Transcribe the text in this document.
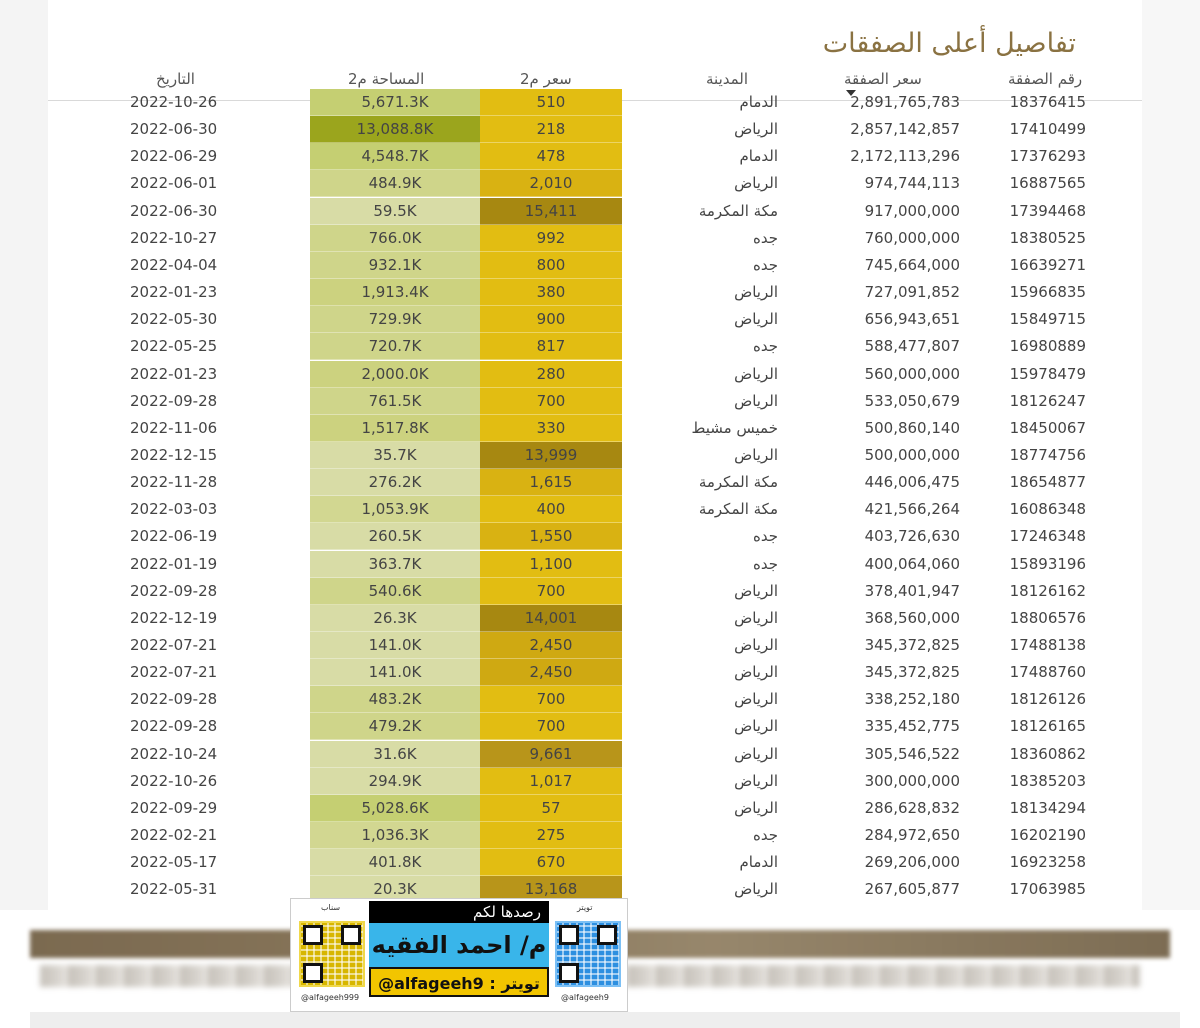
تفاصيل أعلى الصفقات
رقم الصفقة
سعر الصفقة
المدينة
سعر م2
المساحة م2
التاريخ
18376415
2,891,765,783
الدمام
510
5,671.3K
2022-10-26
17410499
2,857,142,857
الرياض
218
13,088.8K
2022-06-30
17376293
2,172,113,296
الدمام
478
4,548.7K
2022-06-29
16887565
974,744,113
الرياض
2,010
484.9K
2022-06-01
17394468
917,000,000
مكة المكرمة
15,411
59.5K
2022-06-30
18380525
760,000,000
جده
992
766.0K
2022-10-27
16639271
745,664,000
جده
800
932.1K
2022-04-04
15966835
727,091,852
الرياض
380
1,913.4K
2022-01-23
15849715
656,943,651
الرياض
900
729.9K
2022-05-30
16980889
588,477,807
جده
817
720.7K
2022-05-25
15978479
560,000,000
الرياض
280
2,000.0K
2022-01-23
18126247
533,050,679
الرياض
700
761.5K
2022-09-28
18450067
500,860,140
خميس مشيط
330
1,517.8K
2022-11-06
18774756
500,000,000
الرياض
13,999
35.7K
2022-12-15
18654877
446,006,475
مكة المكرمة
1,615
276.2K
2022-11-28
16086348
421,566,264
مكة المكرمة
400
1,053.9K
2022-03-03
17246348
403,726,630
جده
1,550
260.5K
2022-06-19
15893196
400,064,060
جده
1,100
363.7K
2022-01-19
18126162
378,401,947
الرياض
700
540.6K
2022-09-28
18806576
368,560,000
الرياض
14,001
26.3K
2022-12-19
17488138
345,372,825
الرياض
2,450
141.0K
2022-07-21
17488760
345,372,825
الرياض
2,450
141.0K
2022-07-21
18126126
338,252,180
الرياض
700
483.2K
2022-09-28
18126165
335,452,775
الرياض
700
479.2K
2022-09-28
18360862
305,546,522
الرياض
9,661
31.6K
2022-10-24
18385203
300,000,000
الرياض
1,017
294.9K
2022-10-26
18134294
286,628,832
الرياض
57
5,028.6K
2022-09-29
16202190
284,972,650
جده
275
1,036.3K
2022-02-21
16923258
269,206,000
الدمام
670
401.8K
2022-05-17
17063985
267,605,877
الرياض
13,168
20.3K
2022-05-31
سناب
@alfageeh999
رصدها لكم
م/ احمد الفقيه
تويتر : alfageeh9@
تويتر
@alfageeh9
